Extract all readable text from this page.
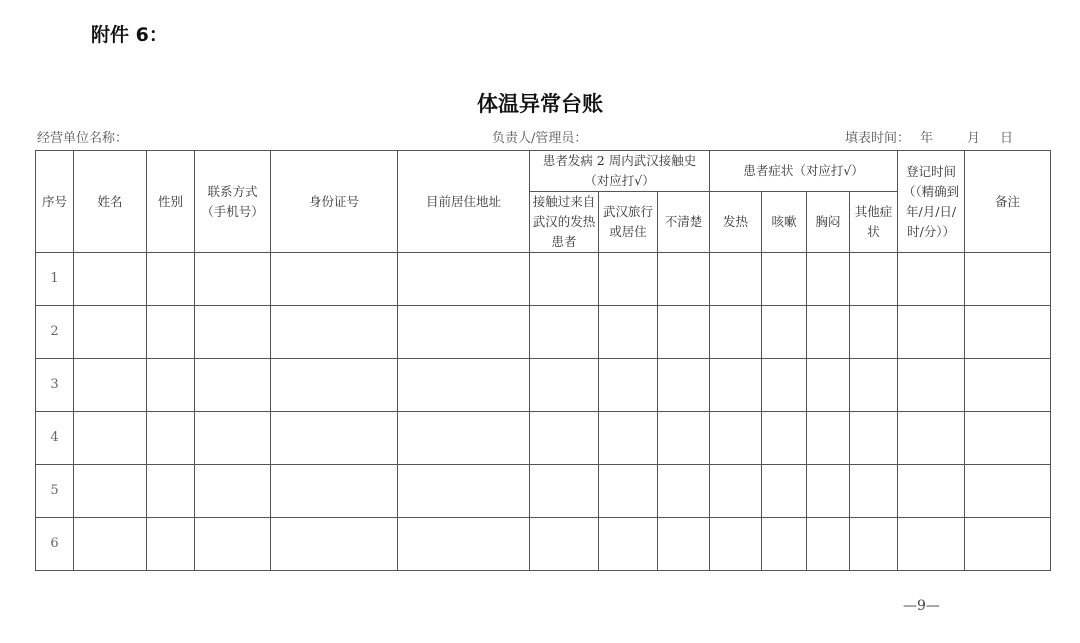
附件 6：
体温异常台账
经营单位名称：	负责人/管理员：	填表时间： 年	月 日
序号	姓名	性别	联系方式（手机号）	身份证号	目前居住地址	患者发病 2 周内武汉接触史（对应打√）			患者症状（对应打√）				登记时间（（精确到年/月/日/时/分））	备注
						接触过来自武汉的发热患者	武汉旅行或居住	不清楚	发热	咳嗽	胸闷	其他症状		
1														
2														
3														
4														
5														
6														
—9—
